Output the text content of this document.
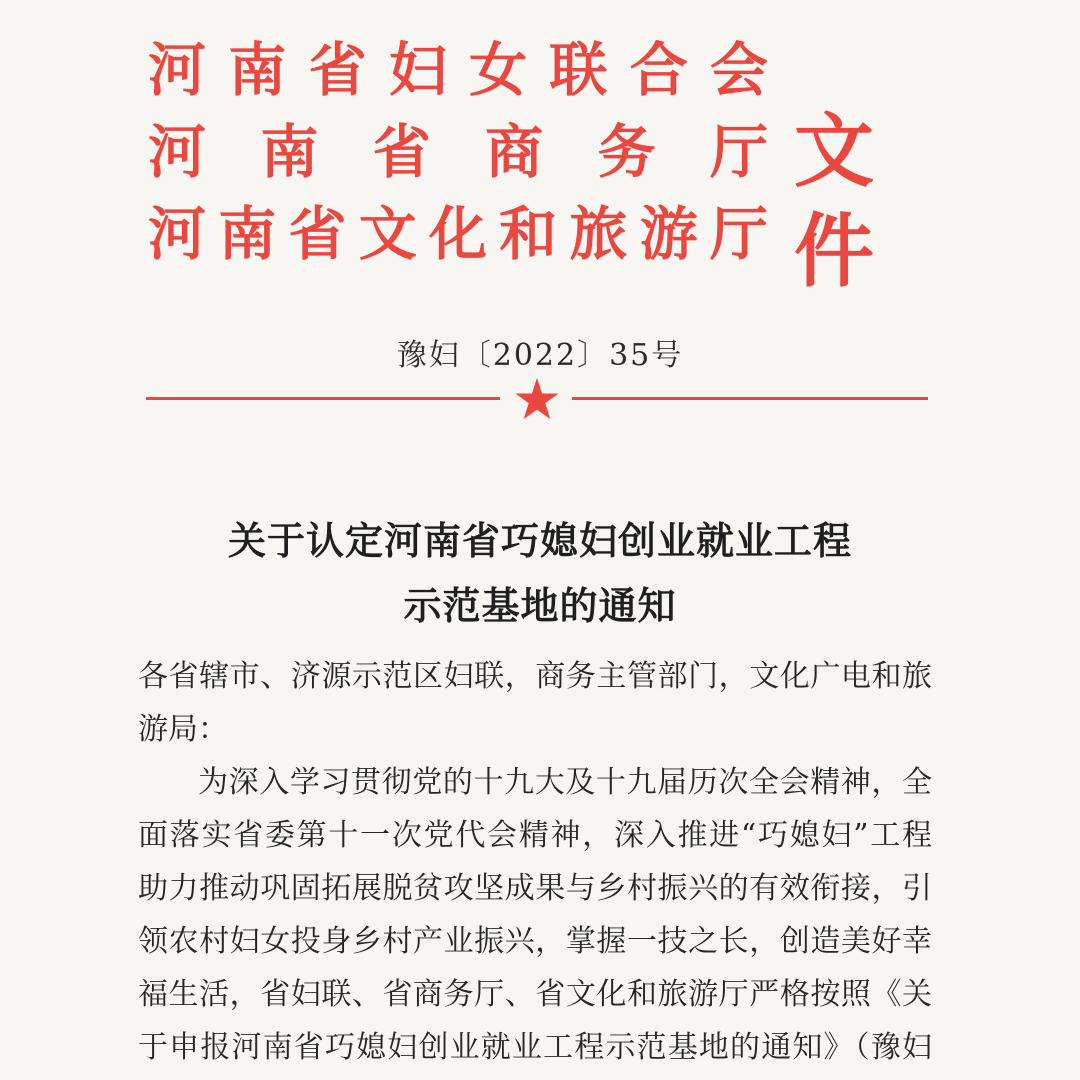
河 南 省 妇 女 联 合 会
河 南 省 商 务 厅
河 南 省 文 化 和 旅 游 厅
文件
豫妇〔2022〕35号
关于认定河南省巧媳妇创业就业工程
示范基地的通知
各省辖市、济源示范区妇联，商务主管部门，文化广电和旅
游局：
为深入学习贯彻党的十九大及十九届历次全会精神，全
面落实省委第十一次党代会精神，深入推进“巧媳妇”工程
助力推动巩固拓展脱贫攻坚成果与乡村振兴的有效衔接，引
领农村妇女投身乡村产业振兴，掌握一技之长，创造美好幸
福生活，省妇联、省商务厅、省文化和旅游厅严格按照《关
于申报河南省巧媳妇创业就业工程示范基地的通知》（豫妇
